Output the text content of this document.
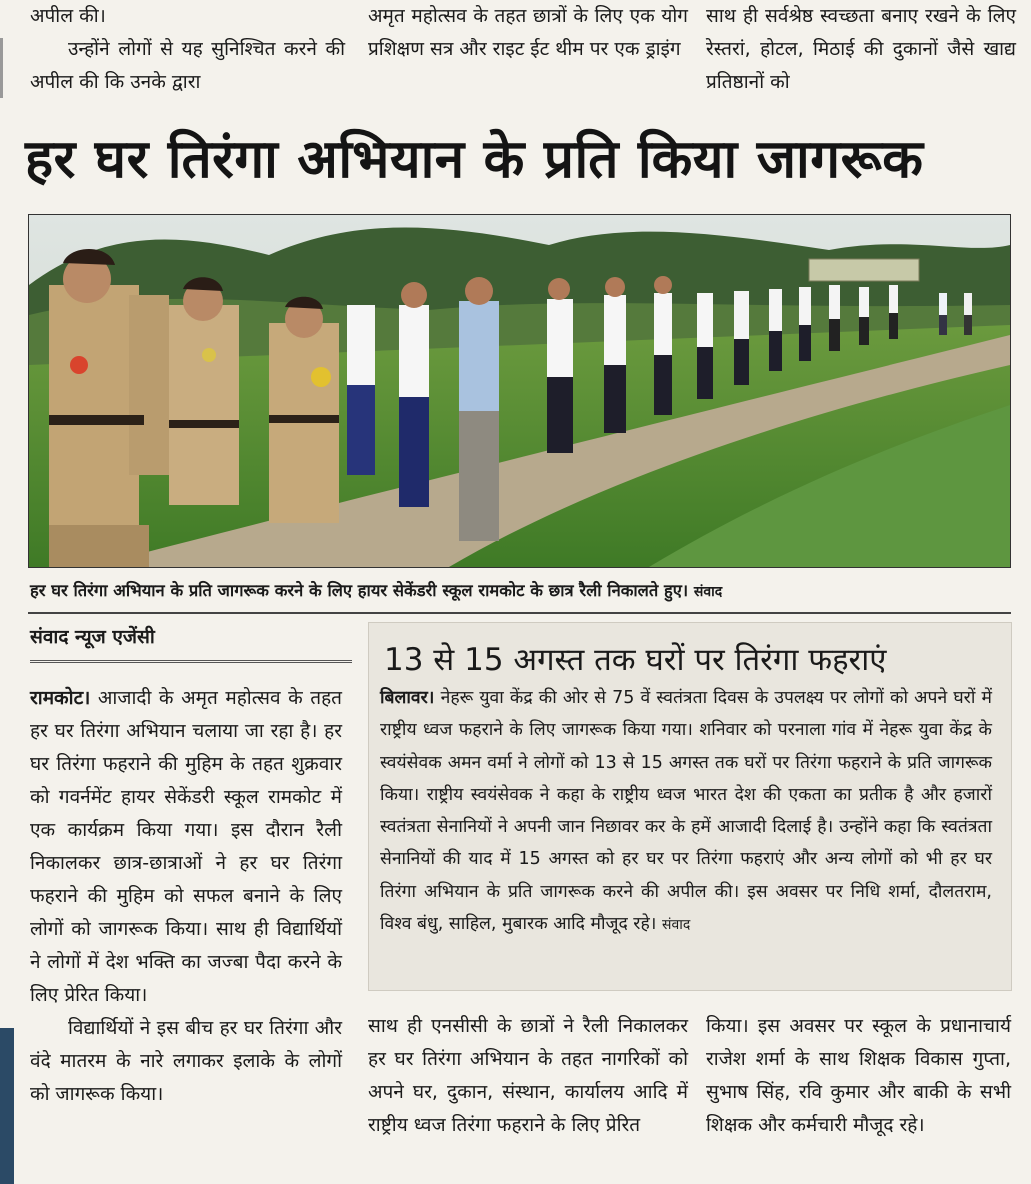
अपील की।

उन्होंने लोगों से यह सुनिश्चित करने की अपील की कि उनके द्वारा

अमृत महोत्सव के तहत छात्रों के लिए एक योग प्रशिक्षण सत्र और राइट ईट थीम पर एक ड्राइंग

साथ ही सर्वश्रेष्ठ स्वच्छता बनाए रखने के लिए रेस्तरां, होटल, मिठाई की दुकानों जैसे खाद्य प्रतिष्ठानों को

हर घर तिरंगा अभियान के प्रति किया जागरूक
हर घर तिरंगा अभियान के प्रति जागरूक करने के लिए हायर सेकेंडरी स्कूल रामकोट के छात्र रैली निकालते हुए। संवाद
संवाद न्यूज एजेंसी

रामकोट। आजादी के अमृत महोत्सव के तहत हर घर तिरंगा अभियान चलाया जा रहा है। हर घर तिरंगा फहराने की मुहिम के तहत शुक्रवार को गवर्नमेंट हायर सेकेंडरी स्कूल रामकोट में एक कार्यक्रम किया गया। इस दौरान रैली निकालकर छात्र-छात्राओं ने हर घर तिरंगा फहराने की मुहिम को सफल बनाने के लिए लोगों को जागरूक किया। साथ ही विद्यार्थियों ने लोगों में देश भक्ति का जज्बा पैदा करने के लिए प्रेरित किया।

विद्यार्थियों ने इस बीच हर घर तिरंगा और वंदे मातरम के नारे लगाकर इलाके के लोगों को जागरूक किया।

13 से 15 अगस्त तक घरों पर तिरंगा फहराएं

बिलावर। नेहरू युवा केंद्र की ओर से 75 वें स्वतंत्रता दिवस के उपलक्ष्य पर लोगों को अपने घरों में राष्ट्रीय ध्वज फहराने के लिए जागरूक किया गया। शनिवार को परनाला गांव में नेहरू युवा केंद्र के स्वयंसेवक अमन वर्मा ने लोगों को 13 से 15 अगस्त तक घरों पर तिरंगा फहराने के प्रति जागरूक किया। राष्ट्रीय स्वयंसेवक ने कहा के राष्ट्रीय ध्वज भारत देश की एकता का प्रतीक है और हजारों स्वतंत्रता सेनानियों ने अपनी जान निछावर कर के हमें आजादी दिलाई है। उन्होंने कहा कि स्वतंत्रता सेनानियों की याद में 15 अगस्त को हर घर पर तिरंगा फहराएं और अन्य लोगों को भी हर घर तिरंगा अभियान के प्रति जागरूक करने की अपील की। इस अवसर पर निधि शर्मा, दौलतराम, विश्व बंधु, साहिल, मुबारक आदि मौजूद रहे। संवाद

साथ ही एनसीसी के छात्रों ने रैली निकालकर हर घर तिरंगा अभियान के तहत नागरिकों को अपने घर, दुकान, संस्थान, कार्यालय आदि में राष्ट्रीय ध्वज तिरंगा फहराने के लिए प्रेरित

किया। इस अवसर पर स्कूल के प्रधानाचार्य राजेश शर्मा के साथ शिक्षक विकास गुप्ता, सुभाष सिंह, रवि कुमार और बाकी के सभी शिक्षक और कर्मचारी मौजूद रहे।
